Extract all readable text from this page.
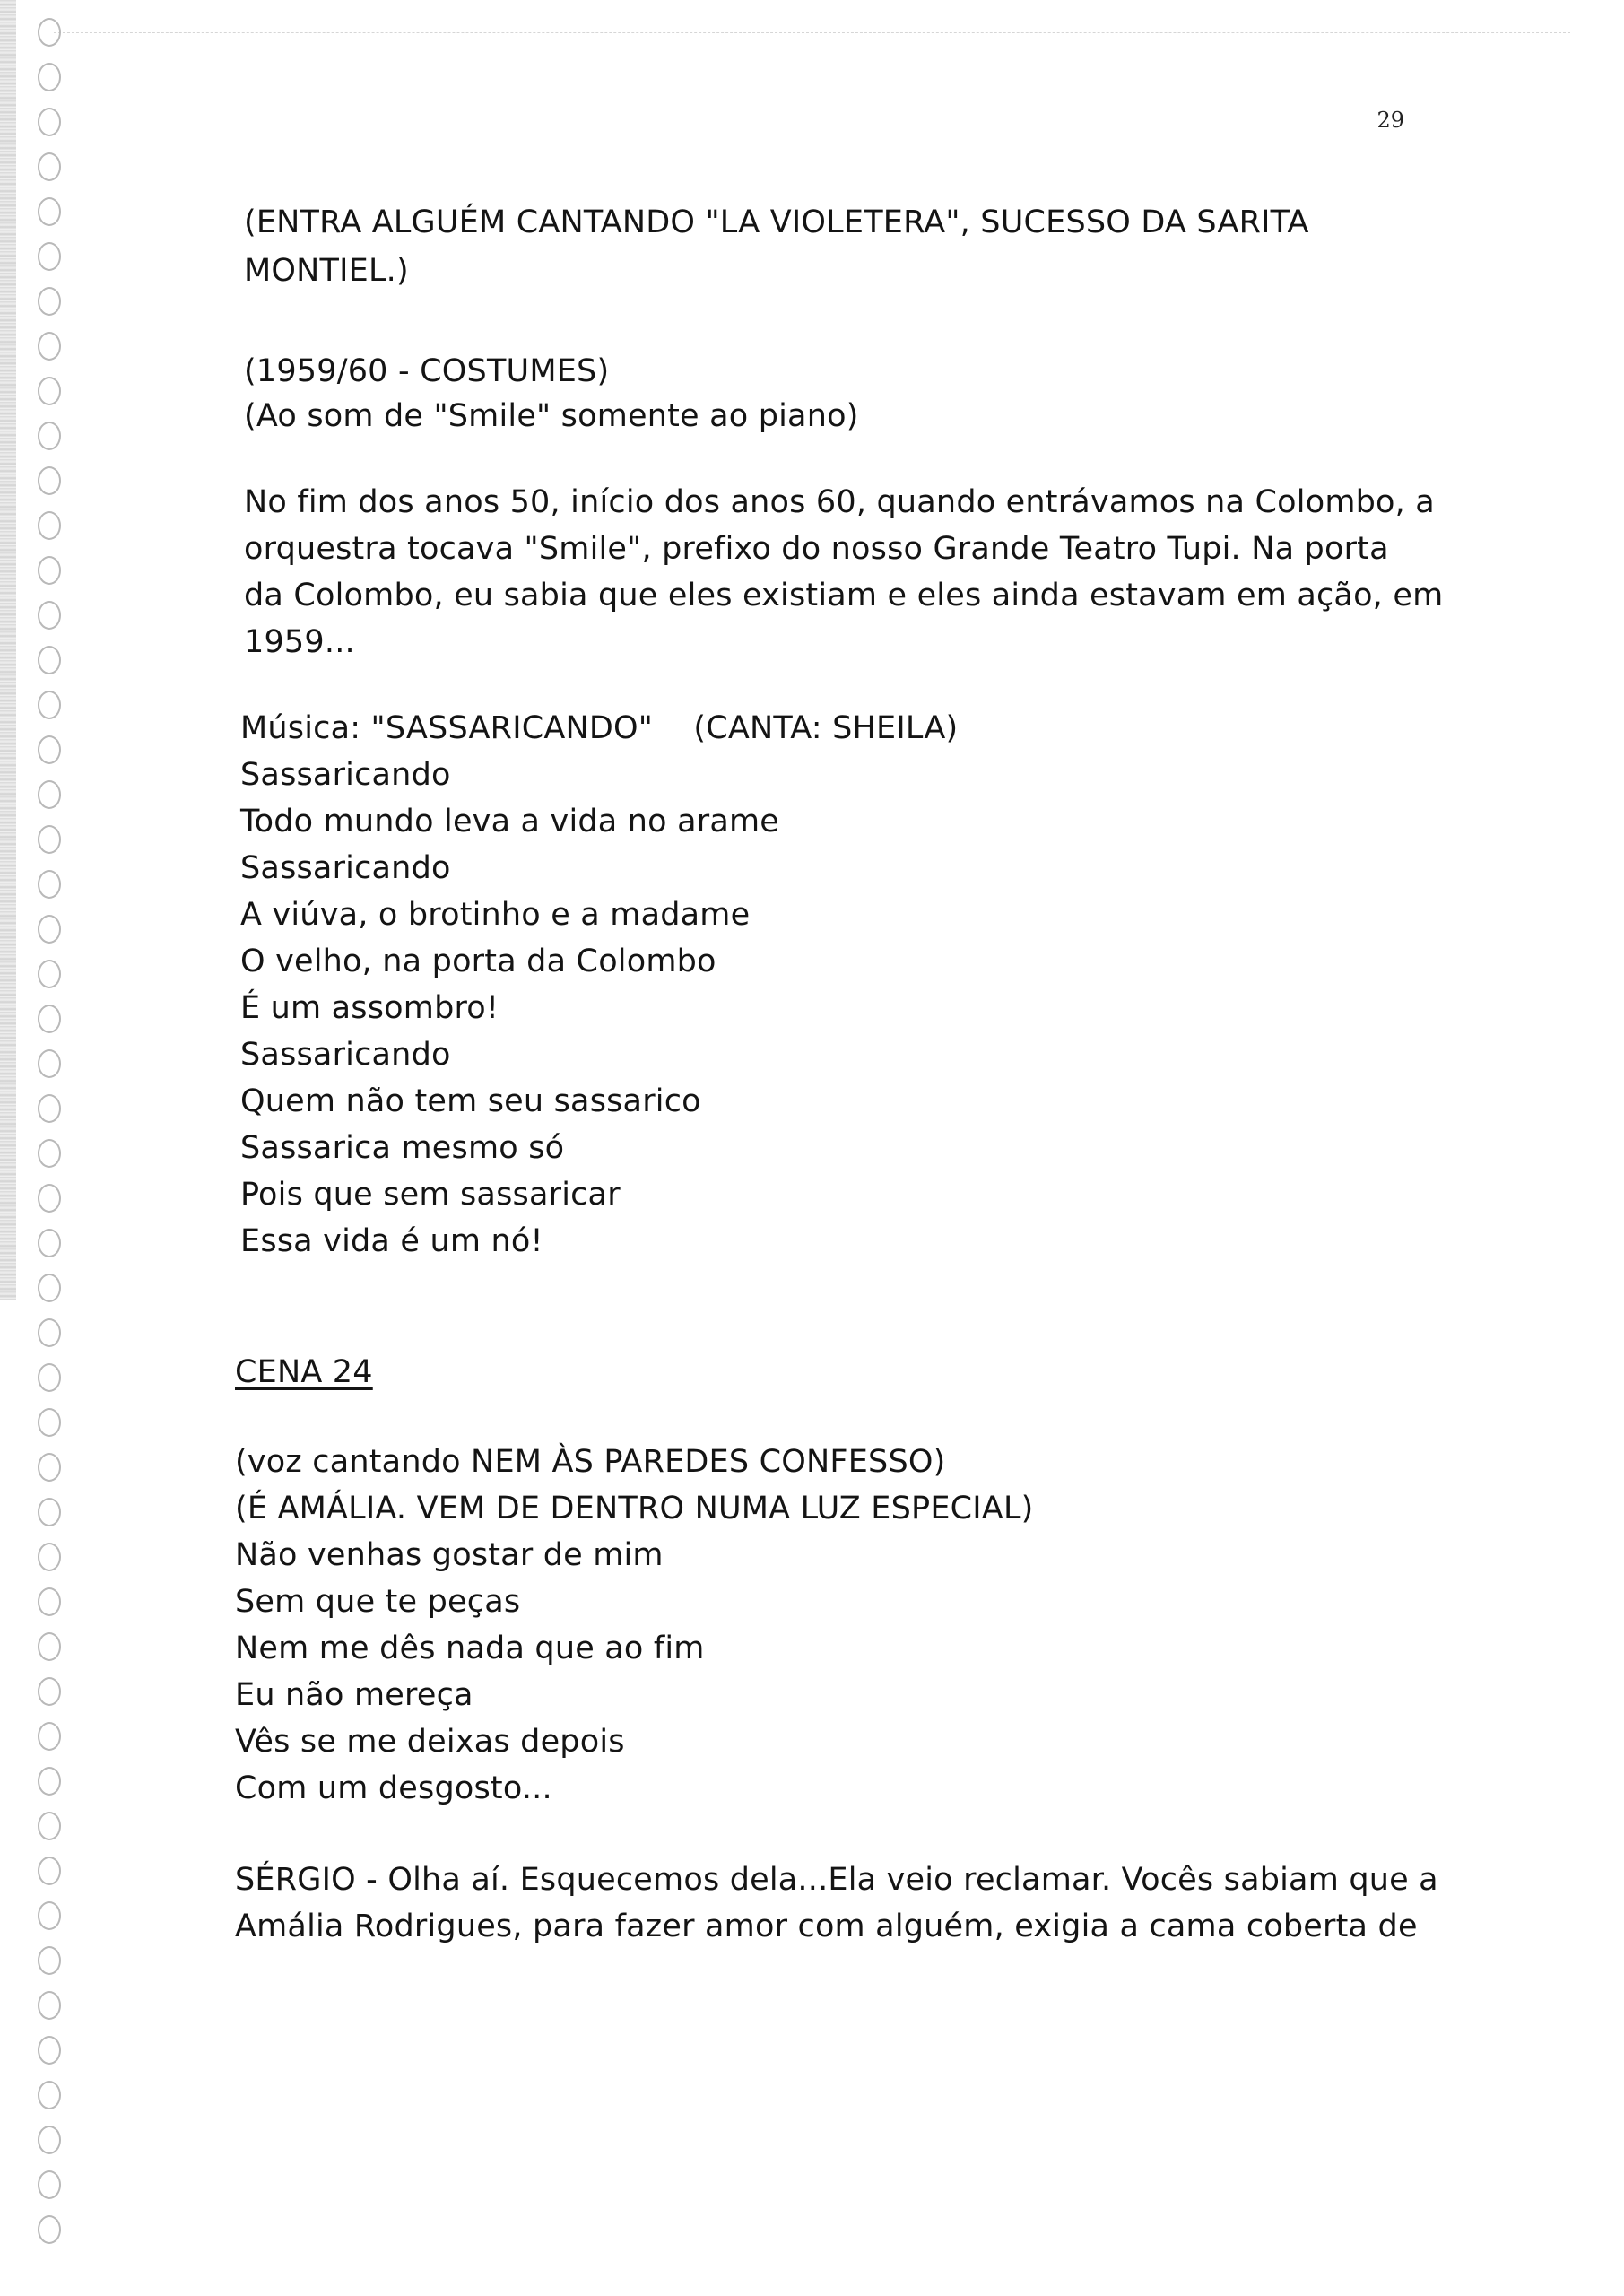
29
(ENTRA ALGUÉM CANTANDO "LA VIOLETERA", SUCESSO DA SARITA
MONTIEL.)
(1959/60 - COSTUMES)
(Ao som de "Smile" somente ao piano)
No fim dos anos 50, início dos anos 60, quando entrávamos na Colombo, a
orquestra tocava "Smile", prefixo do nosso Grande Teatro Tupi. Na porta
da Colombo, eu sabia que eles existiam e eles ainda estavam em ação, em
1959...
Música: "SASSARICANDO"    (CANTA: SHEILA)
Sassaricando
Todo mundo leva a vida no arame
Sassaricando
A viúva, o brotinho e a madame
O velho, na porta da Colombo
É um assombro!
Sassaricando
Quem não tem seu sassarico
Sassarica mesmo só
Pois que sem sassaricar
Essa vida é um nó!
CENA 24
(voz cantando NEM ÀS PAREDES CONFESSO)
(É AMÁLIA. VEM DE DENTRO NUMA LUZ ESPECIAL)
Não venhas gostar de mim
Sem que te peças
Nem me dês nada que ao fim
Eu não mereça
Vês se me deixas depois
Com um desgosto...
SÉRGIO - Olha aí. Esquecemos dela...Ela veio reclamar. Vocês sabiam que a
Amália Rodrigues, para fazer amor com alguém, exigia a cama coberta de
